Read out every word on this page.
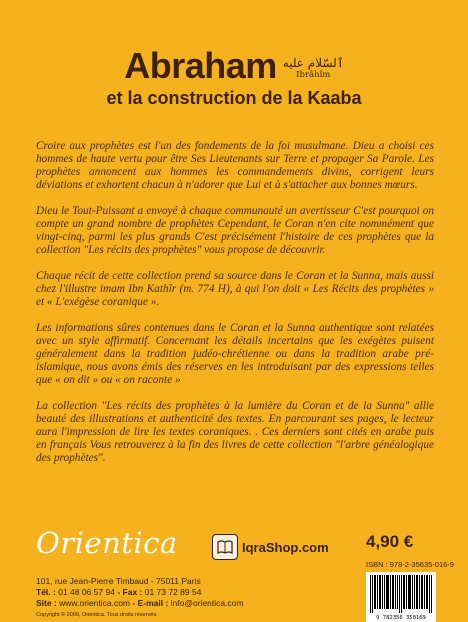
Abraham ٱلسّلام عليه
Ibrâhîm
et la construction de la Kaaba

Croire aux prophètes est l'un des fondements de la foi musulmane. Dieu a choisi ces hommes de haute vertu pour être Ses Lieutenants sur Terre et propager Sa Parole. Les prophètes annoncent aux hommes les commandements divins, corrigent leurs déviations et exhortent chacun à n'adorer que Lui et à s'attacher aux bonnes mœurs.

Dieu le Tout-Puissant a envoyé à chaque communauté un avertisseur C'est pourquoi on compte un grand nombre de prophètes Cependant, le Coran n'en cite nommément que vingt-cinq, parmi les plus grands C'est précisément l'histoire de ces prophètes que la collection "Les récits des prophètes" vous propose de découvrir.

Chaque récit de cette collection prend sa source dans le Coran et la Sunna, mais aussi chez l'illustre imam Ibn Kathîr (m. 774 H), à qui l'on doit « Les Récits des prophètes » et « L'exégèse coranique ».

Les informations sûres contenues dans le Coran et la Sunna authentique sont relatées avec un style affirmatif. Concernant les détails incertains que les exégètes puisent généralement dans la tradition judéo-chrétienne ou dans la tradition arabe pré-islamique, nous avons émis des réserves en les introduisant par des expressions telles que « on dit » ou « on raconte »

La collection "Les récits des prophètes à la lumière du Coran et de la Sunna" allie beauté des illustrations et authenticité des textes. En parcourant ses pages, le lecteur aura l'impression de lire les textes coraniques. . Ces derniers sont cités en arabe puis en français Vous retrouverez à la fin des livres de cette collection "l'arbre généalogique des prophètes".

Orientica	IqraShop.com 4,90 €
ISBN : 978-2-35635-016-9
9 782356 350169
101, rue Jean-Pierre Timbaud - 75011 Paris
Tél. : 01 48 06 57 94 - Fax : 01 73 72 89 54
Site : www.orientica.com - E-mail : info@orientica.com
Copyright © 2009, Orientica. Tous droits réservés.
